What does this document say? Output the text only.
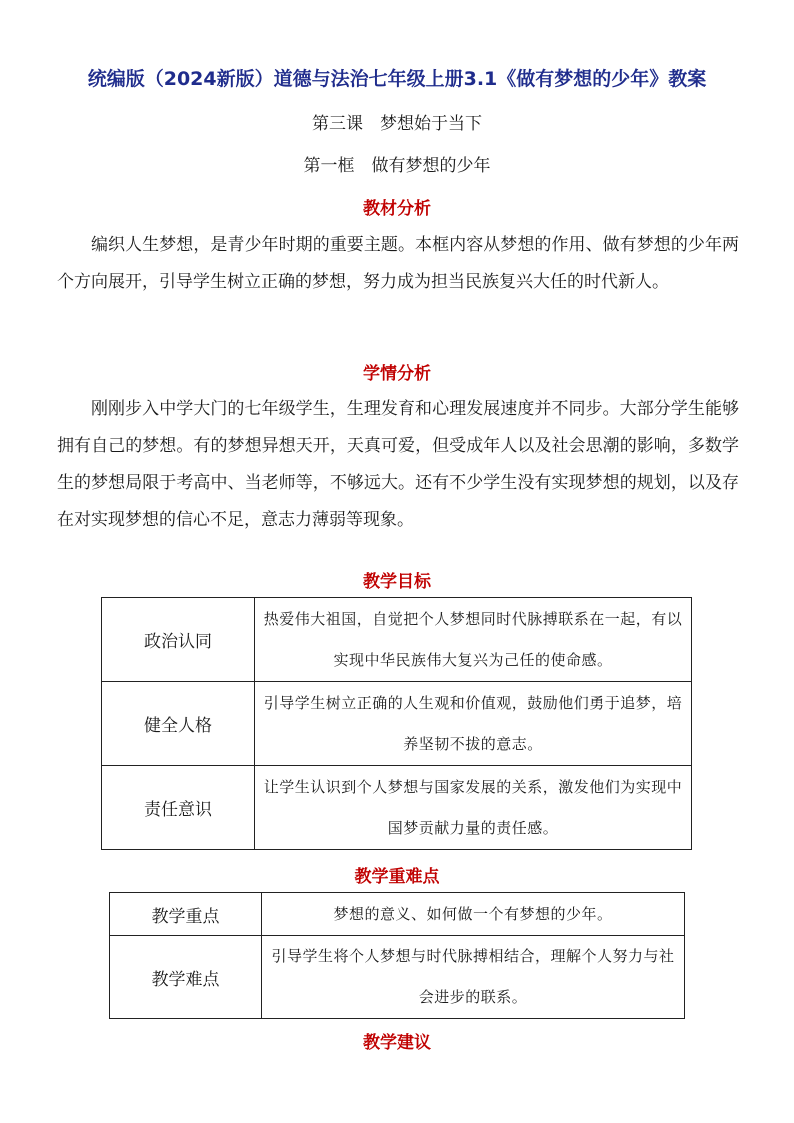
统编版（2024新版）道德与法治七年级上册3.1《做有梦想的少年》教案
第三课　梦想始于当下
第一框　做有梦想的少年
教材分析

编织人生梦想，是青少年时期的重要主题。本框内容从梦想的作用、做有梦想的少年两个方向展开，引导学生树立正确的梦想，努力成为担当民族复兴大任的时代新人。

学情分析

刚刚步入中学大门的七年级学生，生理发育和心理发展速度并不同步。大部分学生能够拥有自己的梦想。有的梦想异想天开，天真可爱，但受成年人以及社会思潮的影响，多数学生的梦想局限于考高中、当老师等，不够远大。还有不少学生没有实现梦想的规划，以及存在对实现梦想的信心不足，意志力薄弱等现象。

教学目标
政治认同	热爱伟大祖国，自觉把个人梦想同时代脉搏联系在一起，有以实现中华民族伟大复兴为己任的使命感。
健全人格	引导学生树立正确的人生观和价值观，鼓励他们勇于追梦，培养坚韧不拔的意志。
责任意识	让学生认识到个人梦想与国家发展的关系，激发他们为实现中国梦贡献力量的责任感。
教学重难点
教学重点	梦想的意义、如何做一个有梦想的少年。
教学难点	引导学生将个人梦想与时代脉搏相结合，理解个人努力与社会进步的联系。
教学建议
